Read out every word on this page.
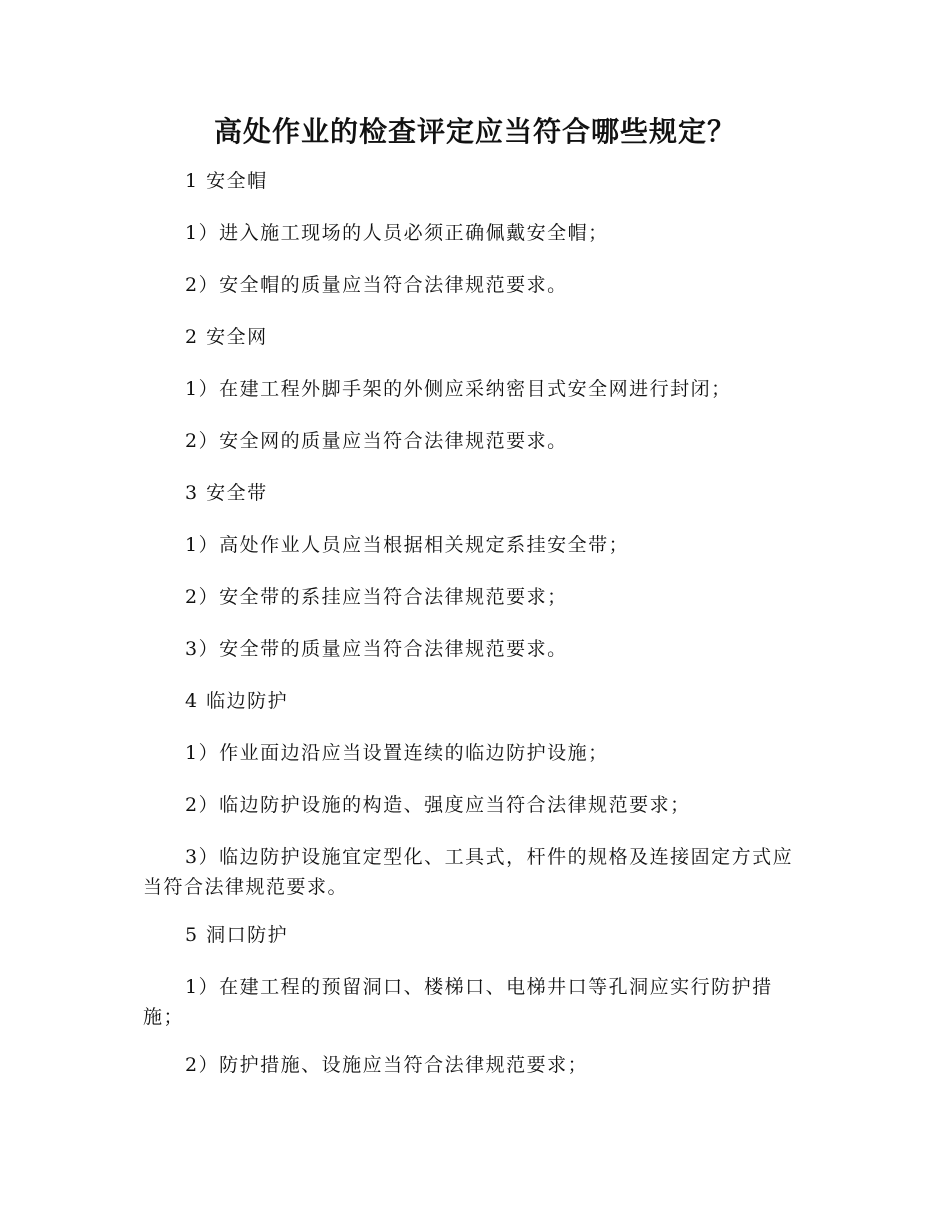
高处作业的检查评定应当符合哪些规定？

1 安全帽

1）进入施工现场的人员必须正确佩戴安全帽；

2）安全帽的质量应当符合法律规范要求。

2 安全网

1）在建工程外脚手架的外侧应采纳密目式安全网进行封闭；

2）安全网的质量应当符合法律规范要求。

3 安全带

1）高处作业人员应当根据相关规定系挂安全带；

2）安全带的系挂应当符合法律规范要求；

3）安全带的质量应当符合法律规范要求。

4 临边防护

1）作业面边沿应当设置连续的临边防护设施；

2）临边防护设施的构造、强度应当符合法律规范要求；

3）临边防护设施宜定型化、工具式，杆件的规格及连接固定方式应当符合法律规范要求。

5 洞口防护

1）在建工程的预留洞口、楼梯口、电梯井口等孔洞应实行防护措施；

2）防护措施、设施应当符合法律规范要求；
